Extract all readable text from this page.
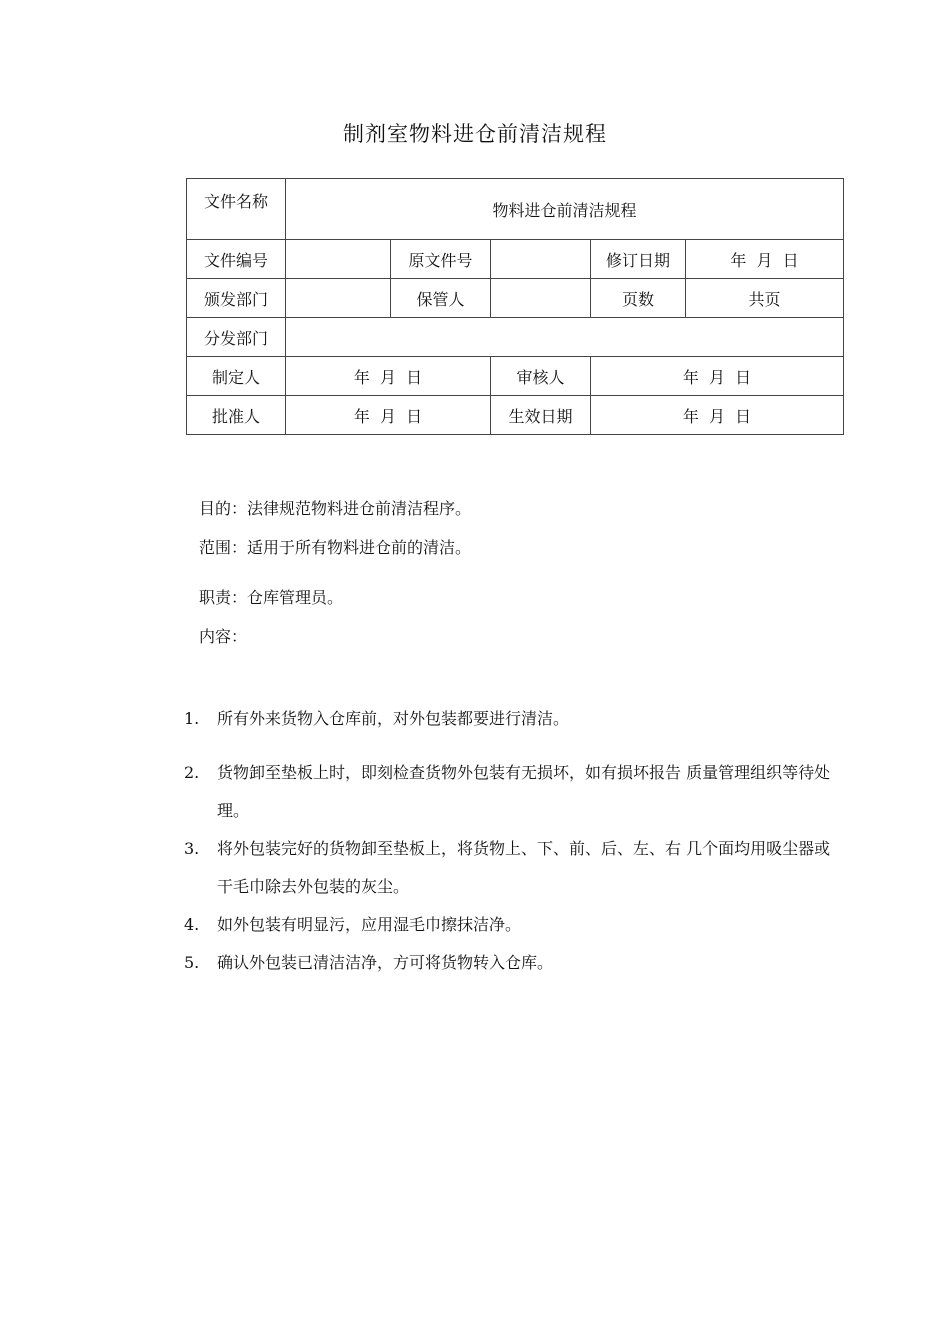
制剂室物料进仓前清洁规程
文件名称	物料进仓前清洁规程				
文件编号		原文件号		修订日期	年  月  日
颁发部门		保管人		页数	共页
分发部门					
制定人	年  月  日		审核人	年  月  日	
批准人	年  月  日		生效日期	年  月  日	
目的：法律规范物料进仓前清洁程序。
范围：适用于所有物料进仓前的清洁。
职责：仓库管理员。
内容：
1. 所有外来货物入仓库前，对外包装都要进行清洁。
2. 货物卸至垫板上时，即刻检查货物外包装有无损坏，如有损坏报告 质量管理组织等待处理。
3. 将外包装完好的货物卸至垫板上，将货物上、下、前、后、左、右 几个面均用吸尘器或干毛巾除去外包装的灰尘。
4. 如外包装有明显污，应用湿毛巾擦抹洁净。
5. 确认外包装已清洁洁净，方可将货物转入仓库。
